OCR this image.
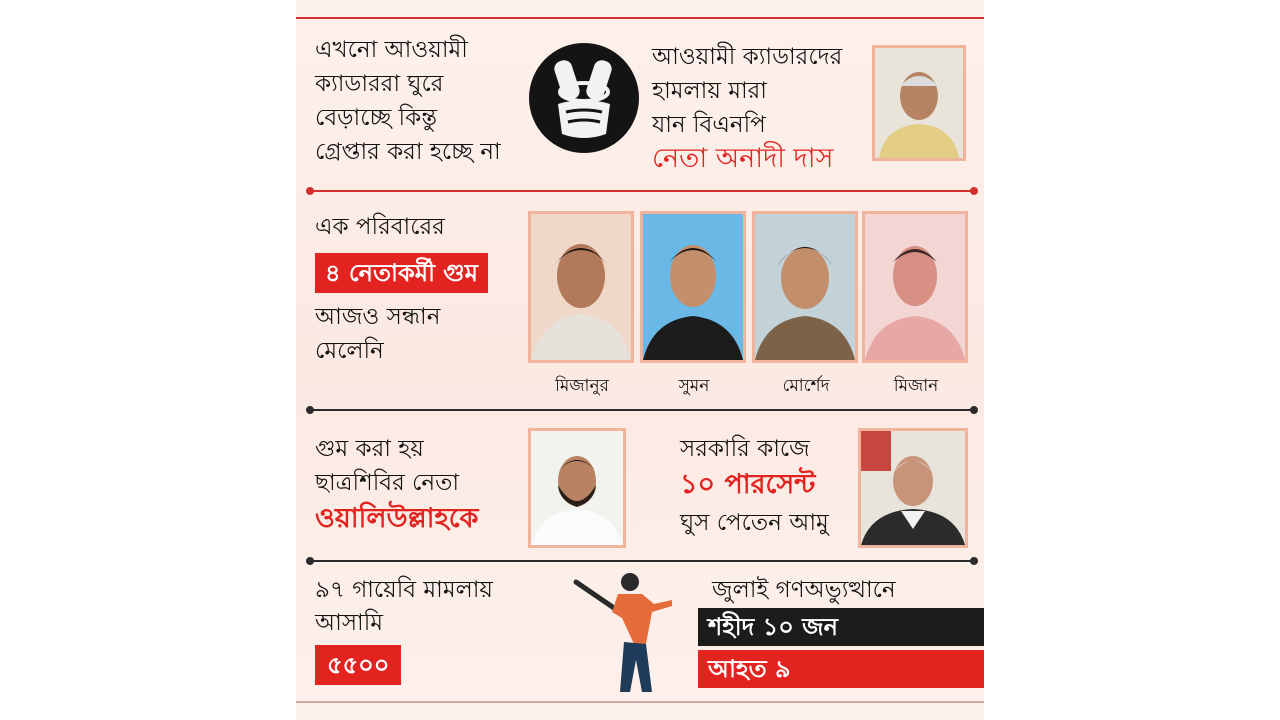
এখনো আওয়ামী
ক্যাডাররা ঘুরে
বেড়াচ্ছে কিন্তু
গ্রেপ্তার করা হচ্ছে না
আওয়ামী ক্যাডারদের
হামলায় মারা
যান বিএনপি
নেতা অনাদী দাস
এক পরিবারের
৪ নেতাকর্মী গুম
আজও সন্ধান
মেলেনি
মিজানুর	সুমন	মোর্শেদ	মিজান
গুম করা হয়
ছাত্রশিবির নেতা
ওয়ালিউল্লাহকে
সরকারি কাজে
১০ পারসেন্ট
ঘুস পেতেন আমু
৯৭ গায়েবি মামলায়
আসামি
৫৫০০
জুলাই গণঅভ্যুত্থানে
শহীদ ১০ জন
আহত ৯
